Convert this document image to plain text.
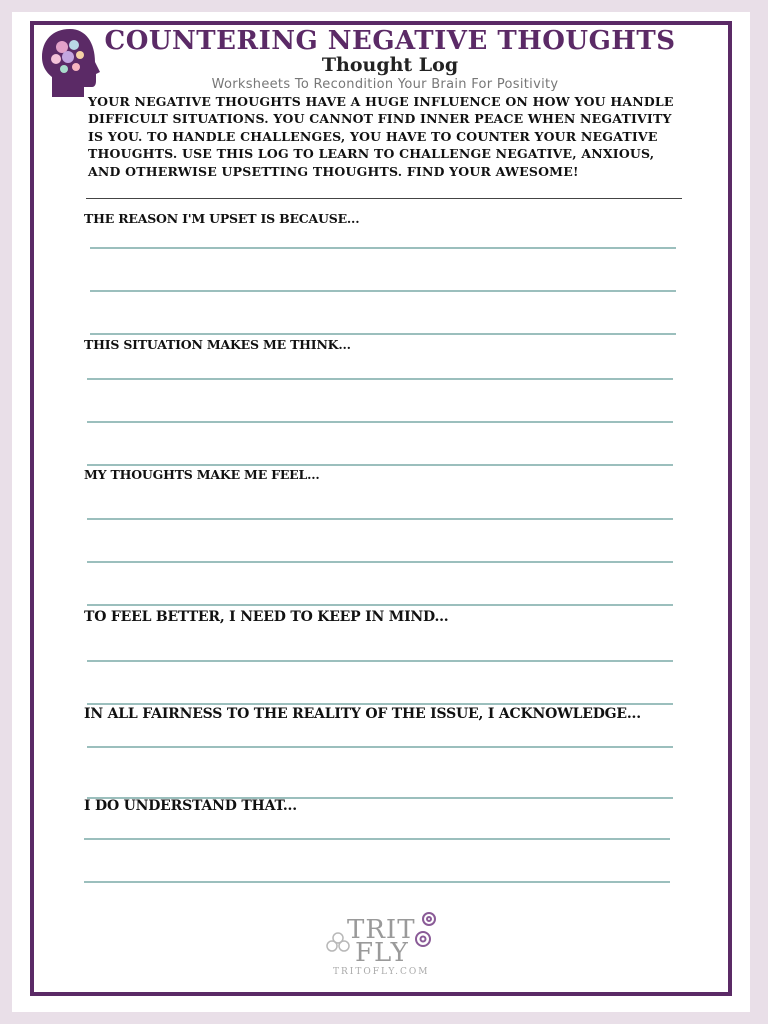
COUNTERING NEGATIVE THOUGHTS
Thought Log
Worksheets To Recondition Your Brain For Positivity
YOUR NEGATIVE THOUGHTS HAVE A HUGE INFLUENCE ON HOW YOU HANDLE DIFFICULT SITUATIONS. YOU CANNOT FIND INNER PEACE WHEN NEGATIVITY IS YOU. TO HANDLE CHALLENGES, YOU HAVE TO COUNTER YOUR NEGATIVE THOUGHTS. USE THIS LOG TO LEARN TO CHALLENGE NEGATIVE, ANXIOUS, AND OTHERWISE UPSETTING THOUGHTS. FIND YOUR AWESOME!
THE REASON I'M UPSET IS BECAUSE...
THIS SITUATION MAKES ME THINK...
MY THOUGHTS MAKE ME FEEL...
TO FEEL BETTER, I NEED TO KEEP IN MIND...
IN ALL FAIRNESS TO THE REALITY OF THE ISSUE, I ACKNOWLEDGE...
I DO UNDERSTAND THAT...
TRIT
FLY
TRITOFLY.COM
